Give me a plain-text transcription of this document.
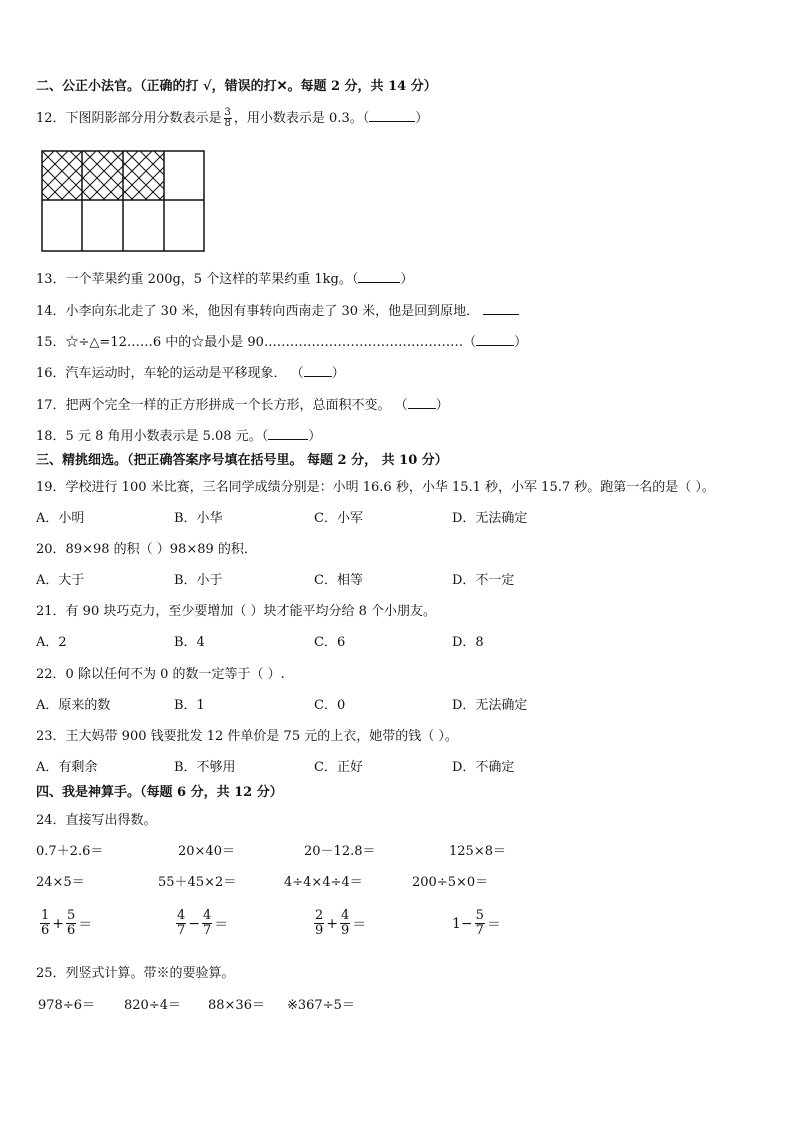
二、公正小法官。（正确的打 √，错误的打✕。每题 2 分，共 14 分）
12．下图阴影部分用分数表示是 $\frac{3}{8}$ ，用小数表示是 0.3。（	）
13．一个苹果约重 200g，5 个这样的苹果约重 1kg。（	）
14．小李向东北走了 30 米，他因有事转向西南走了 30 米，他是回到原地．
15．☆÷△=12……6 中的☆最小是 90.………………………………………（	）
16．汽车运动时，车轮的运动是平移现象． （ ）
17．把两个完全一样的正方形拼成一个长方形，总面积不变。 （ ）
18．5 元 8 角用小数表示是 5.08 元。（	）
三、精挑细选。（把正确答案序号填在括号里。 每题 2 分， 共 10 分）
19．学校进行 100 米比赛，三名同学成绩分别是：小明 16.6 秒，小华 15.1 秒，小军 15.7 秒。跑第一名的是（ ）。
A．小明	B．小华	C．小军	D．无法确定
20．89×98 的积（ ）98×89 的积．
A．大于	B．小于	C．相等	D．不一定
21．有 90 块巧克力，至少要增加（ ）块才能平均分给 8 个小朋友。
A．2	B．4	C．6	D．8
22．0 除以任何不为 0 的数一定等于（ ）.
A．原来的数	B．1	C．0	D．无法确定
23．王大妈带 900 钱要批发 12 件单价是 75 元的上衣，她带的钱（ ）。
A．有剩余	B．不够用	C．正好	D．不确定
四、我是神算手。（每题 6 分，共 12 分）
24．直接写出得数。
0.7＋2.6＝	20×40＝	20－12.8＝	125×8＝
24×5＝	55＋45×2＝	4÷4×4÷4＝	200÷5×0＝
$\frac{1}{6} + \frac{5}{6}$ ＝	$\frac{4}{7} - \frac{4}{7}$ ＝	$\frac{2}{9} + \frac{4}{9}$ ＝	$1- \frac{5}{7}$ ＝
25．列竖式计算。带※的要验算。
978÷6＝ 820÷4＝ 88×36＝ ※367÷5＝
